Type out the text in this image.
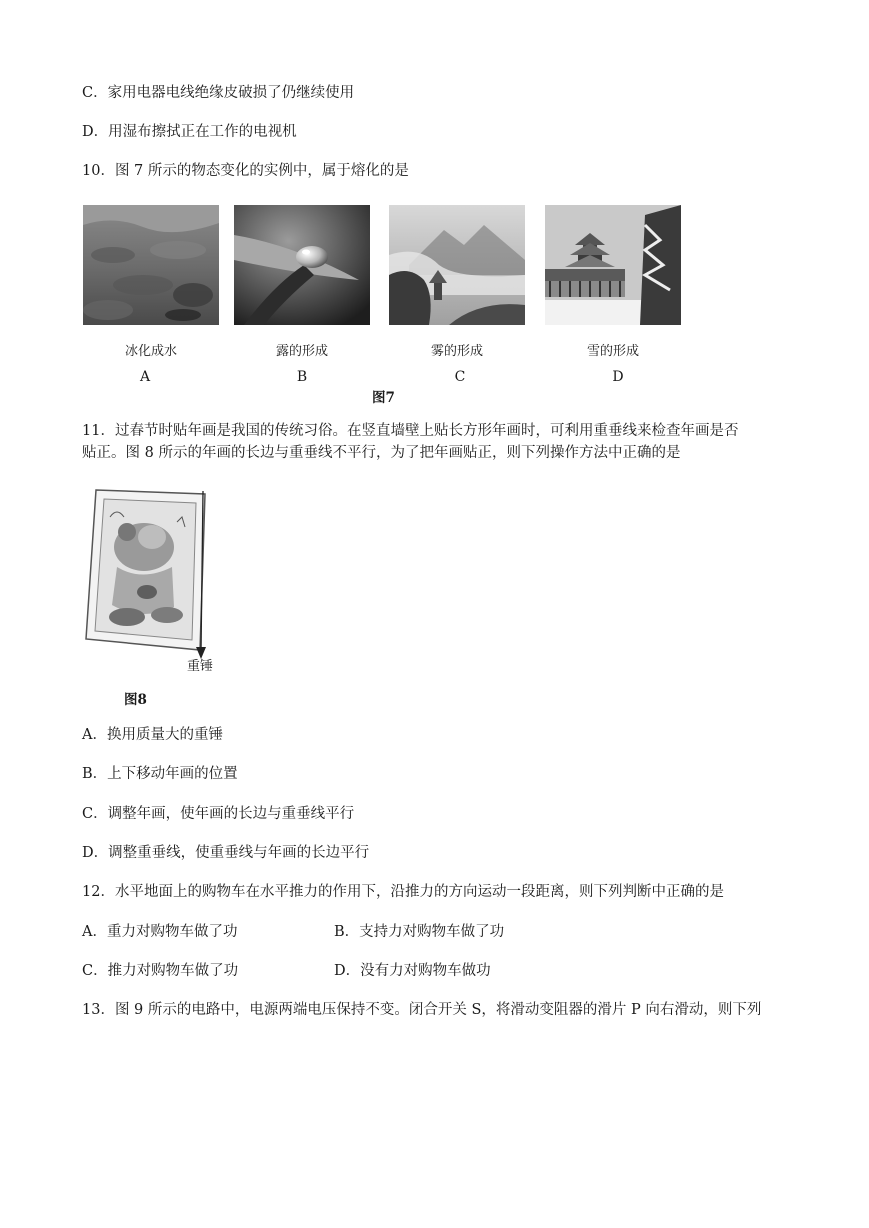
C．家用电器电线绝缘皮破损了仍继续使用
D．用湿布擦拭正在工作的电视机
10．图 7 所示的物态变化的实例中，属于熔化的是
冰化成水	露的形成	雾的形成	雪的形成
A	B	C	D
图7
11．过春节时贴年画是我国的传统习俗。在竖直墙壁上贴长方形年画时，可利用重垂线来检查年画是否
贴正。图 8 所示的年画的长边与重垂线不平行，为了把年画贴正，则下列操作方法中正确的是
重锤
图8
A．换用质量大的重锤
B．上下移动年画的位置
C．调整年画，使年画的长边与重垂线平行
D．调整重垂线，使重垂线与年画的长边平行
12．水平地面上的购物车在水平推力的作用下，沿推力的方向运动一段距离，则下列判断中正确的是
A．重力对购物车做了功	B．支持力对购物车做了功
C．推力对购物车做了功	D．没有力对购物车做功
13．图 9 所示的电路中，电源两端电压保持不变。闭合开关 S，将滑动变阻器的滑片 P 向右滑动，则下列
